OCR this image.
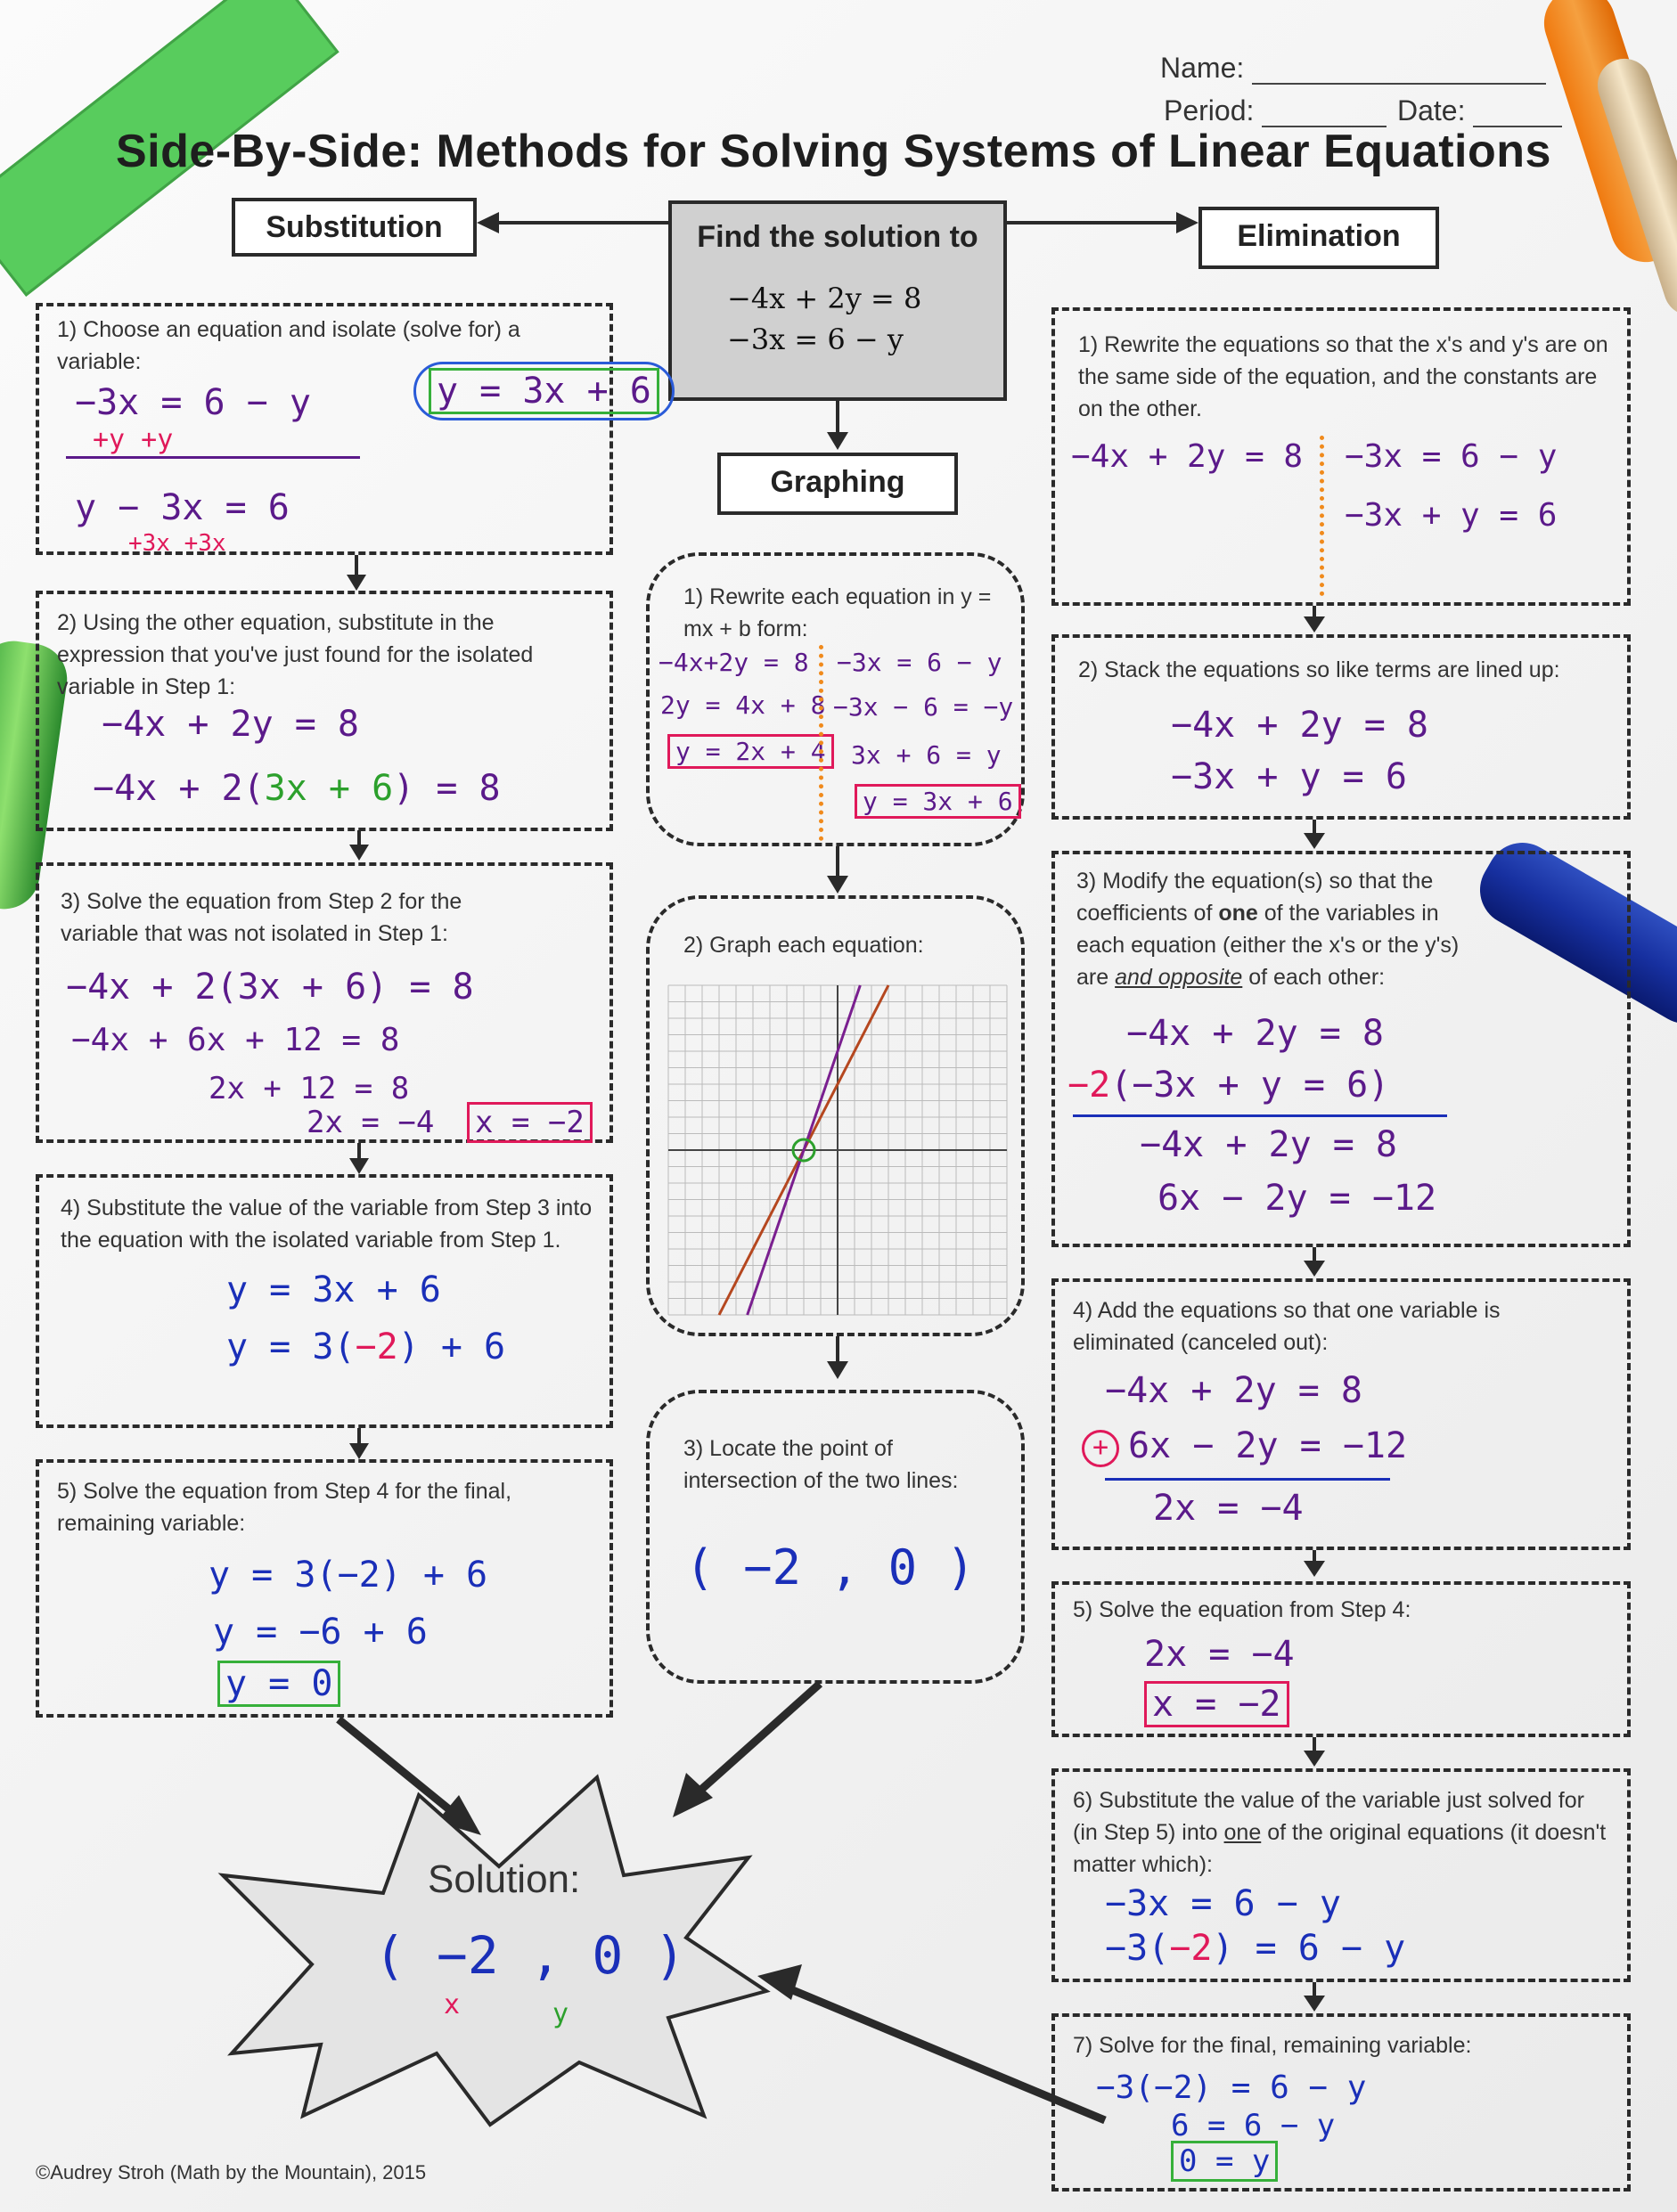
Name:
Period:	Date:
Side-By-Side: Methods for Solving Systems of Linear Equations
Substitution	Elimination
Graphing
Find the solution to
−4x + 2y = 8
−3x = 6 − y
1) Choose an equation and isolate (solve for) a variable:
−3x = 6 − y
+y +y
y − 3x = 6
+3x +3x
y = 3x + 6
2) Using the other equation, substitute in the expression that you've just found for the isolated variable in Step 1:
−4x + 2y = 8
−4x + 2(3x + 6) = 8
3) Solve the equation from Step 2 for the variable that was not isolated in Step 1:
−4x + 2(3x + 6) = 8
−4x + 6x + 12 = 8
2x + 12 = 8
2x = −4 x = −2
4) Substitute the value of the variable from Step 3 into the equation with the isolated variable from Step 1.
y = 3x + 6
y = 3(−2) + 6
5) Solve the equation from Step 4 for the final, remaining variable:
y = 3(−2) + 6
y = −6 + 6
y = 0
1) Rewrite each equation in y = mx + b form:
−4x+2y = 8
2y = 4x + 8
y = 2x + 4
−3x = 6 − y
−3x − 6 = −y
3x + 6 = y
y = 3x + 6
2) Graph each equation:
3) Locate the point of intersection of the two lines:
( −2 , 0 )
1) Rewrite the equations so that the x's and y's are on the same side of the equation, and the constants are on the other.
−4x + 2y = 8 −3x = 6 − y
−3x + y = 6
2) Stack the equations so like terms are lined up:
−4x + 2y = 8
−3x + y = 6
3) Modify the equation(s) so that the coefficients of one of the variables in each equation (either the x's or the y's) are and opposite of each other:
−4x + 2y = 8
−2(−3x + y = 6)
−4x + 2y = 8
6x − 2y = −12
4) Add the equations so that one variable is eliminated (canceled out):
−4x + 2y = 8
+ 6x − 2y = −12
2x = −4
5) Solve the equation from Step 4:
2x = −4
x = −2
6) Substitute the value of the variable just solved for (in Step 5) into one of the original equations (it doesn't matter which):
−3x = 6 − y
−3(−2) = 6 − y
7) Solve for the final, remaining variable:
−3(−2) = 6 − y
6 = 6 − y
0 = y
Solution:
( −2 , 0 )
x	y
©Audrey Stroh (Math by the Mountain), 2015
